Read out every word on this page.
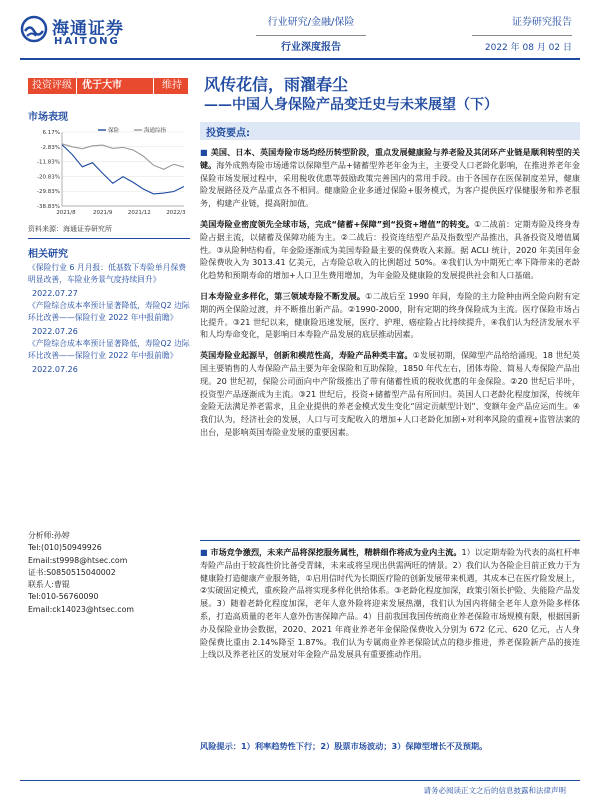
海通证券
HAITONG
行业研究/金融/保险
行业深度报告
证券研究报告
2022 年 08 月 02 日
投资评级	优于大市	维持	风传花信，雨濯春尘
——中国人身保险产品变迁史与未来展望（下）
市场表现
6.17%
-2.83%
-11.83%
-20.83%
-29.83%
-38.83%
2021/8	2021/9	2021/12	2022/3
保险	海通综指
资料来源：海通证券研究所
相关研究
《保险行业 6 月月报：低基数下寿险单月保费明显改善，车险业务景气度持续回升》
2022.07.27
《产险综合成本率预计显著降低，寿险Q2 边际环比改善——保险行业 2022 年中报前瞻》
2022.07.26
《产险综合成本率预计显著降低，寿险Q2 边际环比改善——保险行业 2022 年中报前瞻》
2022.07.26
分析师:孙婷
Tel:(010)50949926
Email:st9998@htsec.com
证书:S0850515040002
联系人:曹锟
Tel:010-56760090
Email:ck14023@htsec.com
投资要点:

■ 美国、日本、英国寿险市场均经历转型阶段，重点发展健康险与养老险及其闭环产业链是顺利转型的关键。海外成熟寿险市场通常以保障型产品+储蓄型养老年金为主，主要受人口老龄化影响，在推进养老年金保险市场发展过程中，采用税收优惠等鼓励政策完善国内的常用手段。由于各国存在医保制度差异，健康险发展路径及产品重点各不相同。健康险企业多通过保险+服务模式，为客户提供医疗保健服务和养老服务，构建产业链，提高附加值。

美国寿险业密度领先全球市场，完成“储蓄+保障”到“投资+增值”的转变。①二战前：定期寿险及终身寿险占据主流，以储蓄及保障功能为主。②二战后：投资连结型产品及指数型产品推出，具备投资及增值属性。③从险种结构看，年金险逐渐成为美国寿险最主要的保费收入来源。据 ACLI 统计，2020 年美国年金险保费收入为 3013.41 亿美元，占寿险总收入的比例超过 50%。④我们认为中期死亡率下降带来的老龄化趋势和预期寿命的增加+人口卫生费用增加，为年金险及健康险的发展提供社会和人口基础。

日本寿险业多样化，第三领域寿险不断发展。①二战后至 1990 年间，寿险的主力险种由两全险向附有定期的两全保险过渡，并不断推出新产品。②1990-2000，附有定期的终身保险成为主流。医疗保险市场占比提升。③21 世纪以来，健康险迅速发展，医疗、护理、癌症险占比持续提升，④我们认为经济发展水平和人均寿命变化，是影响日本寿险产品发展的底层推动因素。

英国寿险业起源早，创新和模范性高，寿险产品种类丰富。①发展初期，保障型产品给给涌现。18 世纪英国主要销售的人寿保险产品主要为年金保险和互助保险，1850 年代左右，团体寿险、简易人寿保险产品出现。20 世纪初，保险公司面向中产阶级推出了带有储蓄性质的税收优惠的年金保险。②20 世纪后半叶，投资型产品逐渐成为主流。③21 世纪后，投资+储蓄型产品有所回归。英国人口老龄化程度加深，传统年金险无法满足养老需求，且企业提供的养老金模式发生变化“固定贡献型计划”、变额年金产品应运而生。④我们认为，经济社会的发展，人口与可支配收入的增加+人口老龄化加剧+对利率风险的重视+监管法案的出台，是影响英国寿险业发展的重要因素。

■ 市场竞争激烈，未来产品将深挖服务属性，精耕细作将成为业内主流。1）以定期寿险为代表的高杠杆率寿险产品由于较高性价比备受青睐，未来或将呈现出供需两旺的情景。2）我们认为各险企目前正致力于为健康险打造健康产业服务链，①启用信时代为长期医疗险的创新发展带来机遇，其成本已在医疗险发展上，②实破固定模式，重疾险产品将实现多样化供给体系。③老龄化程度加深，政策引领长护险、失能险产品发展。3）随着老龄化程度加深，老年人意外险将迎来发展热潮，我们认为国内将储全老年人意外险多样体系，打造高质量的老年人意外伤害保障产品。4）目前我国我国传统商业养老保险市场规模有限，根据国新办及保险业协会数据，2020、2021 年商业养老年金保险保费收入分别为 672 亿元、620 亿元，占人身险保费比重由 2.14%降至 1.87%。我们认为专属商业养老保险试点的稳步推进，养老保险新产品的接连上线以及养老社区的发展对年金险产品发展具有重要推动作用。

风险提示：1）利率趋势性下行；2）股票市场波动；3）保障型增长不及预期。
请务必阅读正文之后的信息披露和法律声明
